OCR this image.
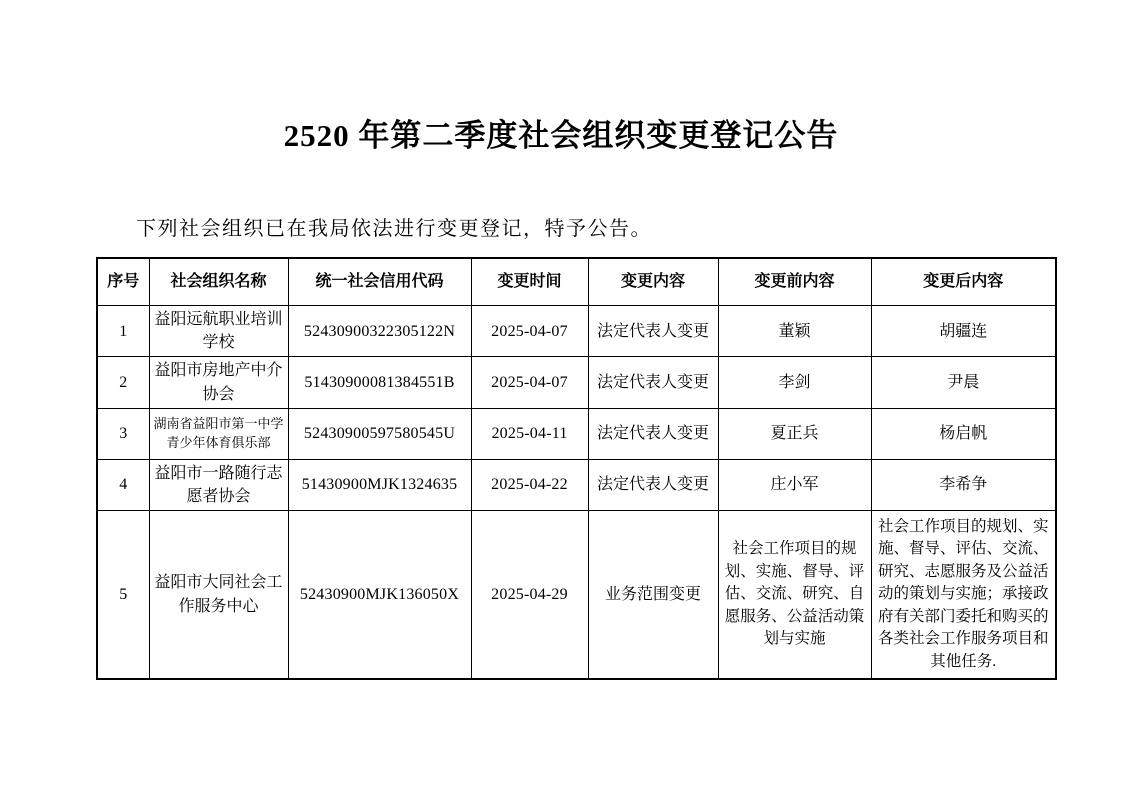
2520 年第二季度社会组织变更登记公告

下列社会组织已在我局依法进行变更登记，特予公告。

序号	社会组织名称	统一社会信用代码	变更时间	变更内容	变更前内容	变更后内容
1	益阳远航职业培训学校	52430900322305122N	2025-04-07	法定代表人变更	董颖	胡疆连
2	益阳市房地产中介协会	51430900081384551B	2025-04-07	法定代表人变更	李剑	尹晨
3	湖南省益阳市第一中学青少年体育俱乐部	52430900597580545U	2025-04-11	法定代表人变更	夏正兵	杨启帆
4	益阳市一路随行志愿者协会	51430900MJK1324635	2025-04-22	法定代表人变更	庄小军	李希争
5	益阳市大同社会工作服务中心	52430900MJK136050X	2025-04-29	业务范围变更	社会工作项目的规划、实施、督导、评估、交流、研究、自愿服务、公益活动策划与实施	社会工作项目的规划、实施、督导、评估、交流、研究、志愿服务及公益活动的策划与实施；承接政府有关部门委托和购买的各类社会工作服务项目和其他任务.
